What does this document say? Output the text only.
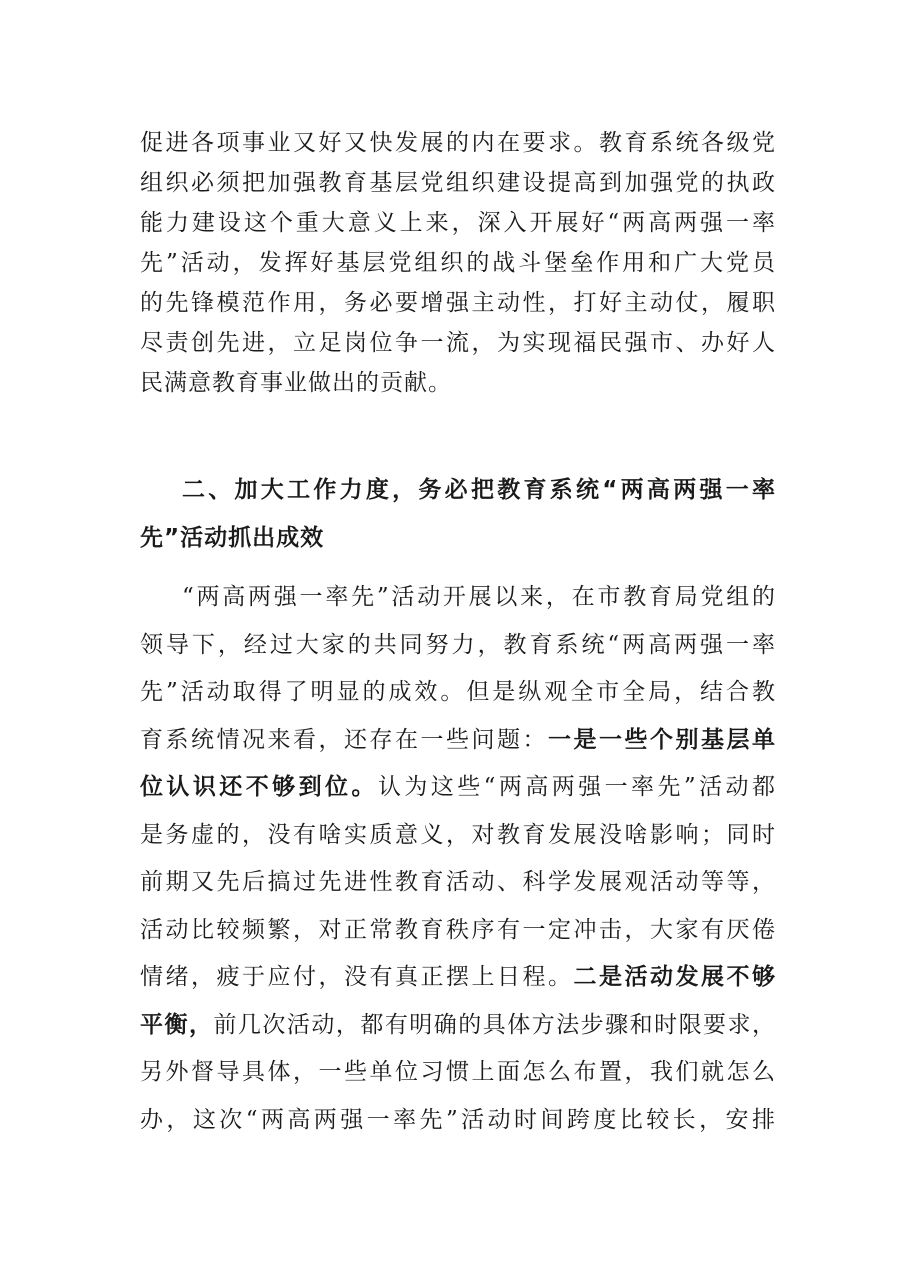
促进各项事业又好又快发展的内在要求。教育系统各级党
组织必须把加强教育基层党组织建设提高到加强党的执政
能力建设这个重大意义上来，深入开展好“两高两强一率
先”活动，发挥好基层党组织的战斗堡垒作用和广大党员
的先锋模范作用，务必要增强主动性，打好主动仗，履职
尽责创先进，立足岗位争一流，为实现福民强市、办好人
民满意教育事业做出的贡献。
二、加大工作力度，务必把教育系统“两高两强一率
先”活动抓出成效
“两高两强一率先”活动开展以来，在市教育局党组的
领导下，经过大家的共同努力，教育系统“两高两强一率
先”活动取得了明显的成效。但是纵观全市全局，结合教
育系统情况来看，还存在一些问题：一是一些个别基层单
位认识还不够到位。认为这些“两高两强一率先”活动都
是务虚的，没有啥实质意义，对教育发展没啥影响；同时
前期又先后搞过先进性教育活动、科学发展观活动等等，
活动比较频繁，对正常教育秩序有一定冲击，大家有厌倦
情绪，疲于应付，没有真正摆上日程。二是活动发展不够
平衡，前几次活动，都有明确的具体方法步骤和时限要求，
另外督导具体，一些单位习惯上面怎么布置，我们就怎么
办，这次“两高两强一率先”活动时间跨度比较长，安排
